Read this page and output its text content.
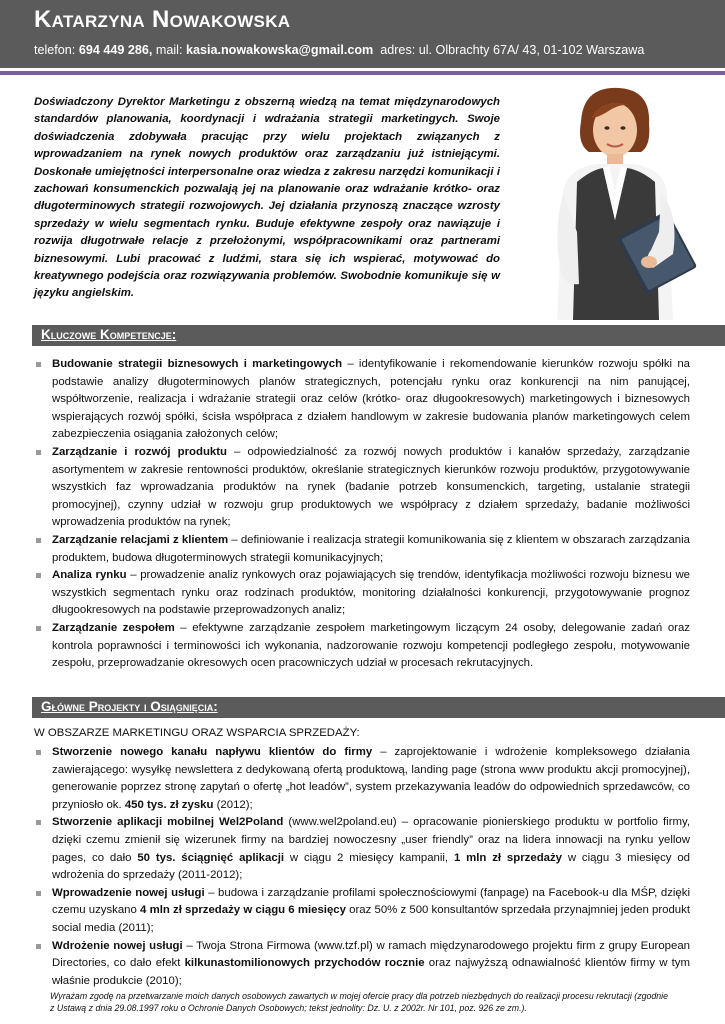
Katarzyna Nowakowska
telefon: 694 449 286, mail: kasia.nowakowska@gmail.com adres: ul. Olbrachty 67A/ 43, 01-102 Warszawa
Doświadczony Dyrektor Marketingu z obszerną wiedzą na temat międzynarodowych standardów planowania, koordynacji i wdrażania strategii marketingych. Swoje doświadczenia zdobywała pracując przy wielu projektach związanych z wprowadzaniem na rynek nowych produktów oraz zarządzaniu już istniejącymi. Doskonałe umiejętności interpersonalne oraz wiedza z zakresu narzędzi komunikacji i zachowań konsumenckich pozwalają jej na planowanie oraz wdrażanie krótko- oraz długoterminowych strategii rozwojowych. Jej działania przynoszą znaczące wzrosty sprzedaży w wielu segmentach rynku. Buduje efektywne zespoły oraz nawiązuje i rozwija długotrwałe relacje z przełożonymi, współpracownikami oraz partnerami biznesowymi. Lubi pracować z ludźmi, stara się ich wspierać, motywować do kreatywnego podejścia oraz rozwiązywania problemów. Swobodnie komunikuje się w języku angielskim.
Kluczowe Kompetencje:
Budowanie strategii biznesowych i marketingowych – identyfikowanie i rekomendowanie kierunków rozwoju spółki na podstawie analizy długoterminowych planów strategicznych, potencjału rynku oraz konkurencji na nim panującej, współtworzenie, realizacja i wdrażanie strategii oraz celów (krótko- oraz długookresowych) marketingowych i biznesowych wspierających rozwój spółki, ścisła współpraca z działem handlowym w zakresie budowania planów marketingowych celem zabezpieczenia osiągania założonych celów;
Zarządzanie i rozwój produktu – odpowiedzialność za rozwój nowych produktów i kanałów sprzedaży, zarządzanie asortymentem w zakresie rentowności produktów, określanie strategicznych kierunków rozwoju produktów, przygotowywanie wszystkich faz wprowadzania produktów na rynek (badanie potrzeb konsumenckich, targeting, ustalanie strategii promocyjnej), czynny udział w rozwoju grup produktowych we współpracy z działem sprzedaży, badanie możliwości wprowadzenia produktów na rynek;
Zarządzanie relacjami z klientem – definiowanie i realizacja strategii komunikowania się z klientem w obszarach zarządzania produktem, budowa długoterminowych strategii komunikacyjnych;
Analiza rynku – prowadzenie analiz rynkowych oraz pojawiających się trendów, identyfikacja możliwości rozwoju biznesu we wszystkich segmentach rynku oraz rodzinach produktów, monitoring działalności konkurencji, przygotowywanie prognoz długookresowych na podstawie przeprowadzonych analiz;
Zarządzanie zespołem – efektywne zarządzanie zespołem marketingowym liczącym 24 osoby, delegowanie zadań oraz kontrola poprawności i terminowości ich wykonania, nadzorowanie rozwoju kompetencji podległego zespołu, motywowanie zespołu, przeprowadzanie okresowych ocen pracowniczych udział w procesach rekrutacyjnych.
Główne Projekty i Osiągnięcia:
W OBSZARZE MARKETINGU ORAZ WSPARCIA SPRZEDAŻY:
Stworzenie nowego kanału napływu klientów do firmy – zaprojektowanie i wdrożenie kompleksowego działania zawierającego: wysyłkę newslettera z dedykowaną ofertą produktową, landing page (strona www produktu akcji promocyjnej), generowanie poprzez stronę zapytań o ofertę „hot leadów”, system przekazywania leadów do odpowiednich sprzedawców, co przyniosło ok. 450 tys. zł zysku (2012);
Stworzenie aplikacji mobilnej Wel2Poland (www.wel2poland.eu) – opracowanie pionierskiego produktu w portfolio firmy, dzięki czemu zmienił się wizerunek firmy na bardziej nowoczesny „user friendly” oraz na lidera innowacji na rynku yellow pages, co dało 50 tys. ściągnięć aplikacji w ciągu 2 miesięcy kampanii, 1 mln zł sprzedaży w ciągu 3 miesięcy od wdrożenia do sprzedaży (2011-2012);
Wprowadzenie nowej usługi – budowa i zarządzanie profilami społecznościowymi (fanpage) na Facebook-u dla MŚP, dzięki czemu uzyskano 4 mln zł sprzedaży w ciągu 6 miesięcy oraz 50% z 500 konsultantów sprzedała przynajmniej jeden produkt social media (2011);
Wdrożenie nowej usługi – Twoja Strona Firmowa (www.tzf.pl) w ramach międzynarodowego projektu firm z grupy European Directories, co dało efekt kilkunastomilionowych przychodów rocznie oraz najwyższą odnawialność klientów firmy w tym właśnie produkcie (2010);
Wyrażam zgodę na przetwarzanie moich danych osobowych zawartych w mojej ofercie pracy dla potrzeb niezbędnych do realizacji procesu rekrutacji (zgodnie z Ustawą z dnia 29.08.1997 roku o Ochronie Danych Osobowych; tekst jednolity: Dz. U. z 2002r. Nr 101, poz. 926 ze zm.).
